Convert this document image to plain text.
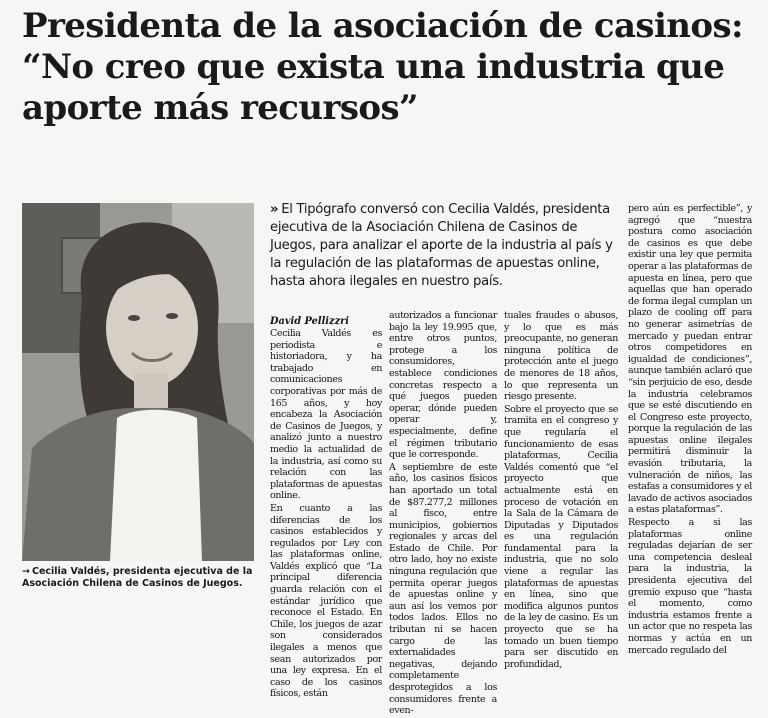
Presidenta de la asociación de casinos: “No creo que exista una industria que aporte más recursos”
→ Cecilia Valdés, presidenta ejecutiva de la Asociación Chilena de Casinos de Juegos.
» El Tipógrafo conversó con Cecilia Valdés, presidenta ejecutiva de la Asociación Chilena de Casinos de Juegos, para analizar el aporte de la industria al país y la regulación de las plataformas de apuestas online, hasta ahora ilegales en nuestro país.

David Pellizzri

Cecilia Valdés es periodista e historiadora, y ha trabajado en comunicaciones corporativas por más de 165 años, y hoy encabeza la Asociación de Casinos de Juegos, y analizó junto a nuestro medio la actualidad de la industria, así como su relación con las plataformas de apuestas online.

En cuanto a las diferencias de los casinos establecidos y regulados por Ley con las plataformas online, Valdés explicó que “La principal diferencia guarda relación con el estándar jurídico que reconoce el Estado. En Chile, los juegos de azar son considerados ilegales a menos que sean autorizados por una ley expresa. En el caso de los casinos físicos, están

autorizados a funcionar bajo la ley 19.995 que, entre otros puntos, protege a los consumidores, establece condiciones concretas respecto a qué juegos pueden operar, dónde pueden operar y, especialmente, define el régimen tributario que le corresponde.

A septiembre de este año, los casinos físicos han aportado un total de $87.277,2 millones al fisco, entre municipios, gobiernos regionales y arcas del Estado de Chile. Por otro lado, hoy no existe ninguna regulación que permita operar juegos de apuestas online y aun así los vemos por todos lados. Ellos no tributan ni se hacen cargo de las externalidades negativas, dejando completamente desprotegidos a los consumidores frente a even-

tuales fraudes o abusos, y lo que es más preocupante, no generan ninguna política de protección ante el juego de menores de 18 años, lo que representa un riesgo presente.

Sobre el proyecto que se tramita en el congreso y que regularía el funcionamiento de esas plataformas, Cecilia Valdés comentó que “el proyecto que actualmente está en proceso de votación en la Sala de la Cámara de Diputadas y Diputados es una regulación fundamental para la industria, que no solo viene a regular las plataformas de apuestas en línea, sino que modifica algunos puntos de la ley de casino. Es un proyecto que se ha tomado un buen tiempo para ser discutido en profundidad,

pero aún es perfectible”, y agregó que “nuestra postura como asociación de casinos es que debe existir una ley que permita operar a las plataformas de apuesta en línea, pero que aquellas que han operado de forma ilegal cumplan un plazo de cooling off para no generar asimetrías de mercado y puedan entrar otros competidores en igualdad de condiciones”, aunque también aclaró que “sin perjuicio de eso, desde la industria celebramos que se esté discutiendo en el Congreso este proyecto, porque la regulación de las apuestas online ilegales permitirá disminuir la evasión tributaria, la vulneración de niños, las estafas a consumidores y el lavado de activos asociados a estas plataformas”.

Respecto a si las plataformas online reguladas dejarían de ser una competencia desleal para la industria, la presidenta ejecutiva del gremio expuso que “hasta el momento, como industria estamos frente a un actor que no respeta las normas y actúa en un mercado regulado del
